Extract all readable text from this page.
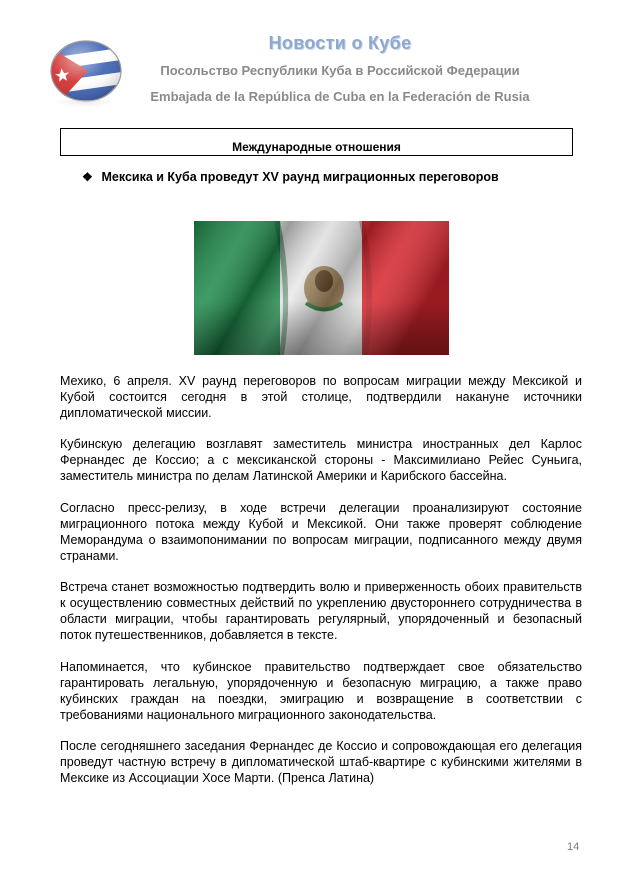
Новости о Кубе
Посольство Республики Куба в Российской Федерации
Embajada de la República de Cuba en la Federación de Rusia
Международные отношения
❖ Мексика и Куба проведут XV раунд миграционных переговоров
Мехико, 6 апреля. XV раунд переговоров по вопросам миграции между Мексикой и Кубой состоится сегодня в этой столице, подтвердили накануне источники дипломатической миссии.
Кубинскую делегацию возглавят заместитель министра иностранных дел Карлос Фернандес де Коссио; а с мексиканской стороны - Максимилиано Рейес Суньига, заместитель министра по делам Латинской Америки и Карибского бассейна.
Согласно пресс-релизу, в ходе встречи делегации проанализируют состояние миграционного потока между Кубой и Мексикой. Они также проверят соблюдение Меморандума о взаимопонимании по вопросам миграции, подписанного между двумя странами.
Встреча станет возможностью подтвердить волю и приверженность обоих правительств к осуществлению совместных действий по укреплению двустороннего сотрудничества в области миграции, чтобы гарантировать регулярный, упорядоченный и безопасный поток путешественников, добавляется в тексте.
Напоминается, что кубинское правительство подтверждает свое обязательство гарантировать легальную, упорядоченную и безопасную миграцию, а также право кубинских граждан на поездки, эмиграцию и возвращение в соответствии с требованиями национального миграционного законодательства.
После сегодняшнего заседания Фернандес де Коссио и сопровождающая его делегация проведут частную встречу в дипломатической штаб-квартире с кубинскими жителями в Мексике из Ассоциации Хосе Марти. (Пренса Латина)
14
